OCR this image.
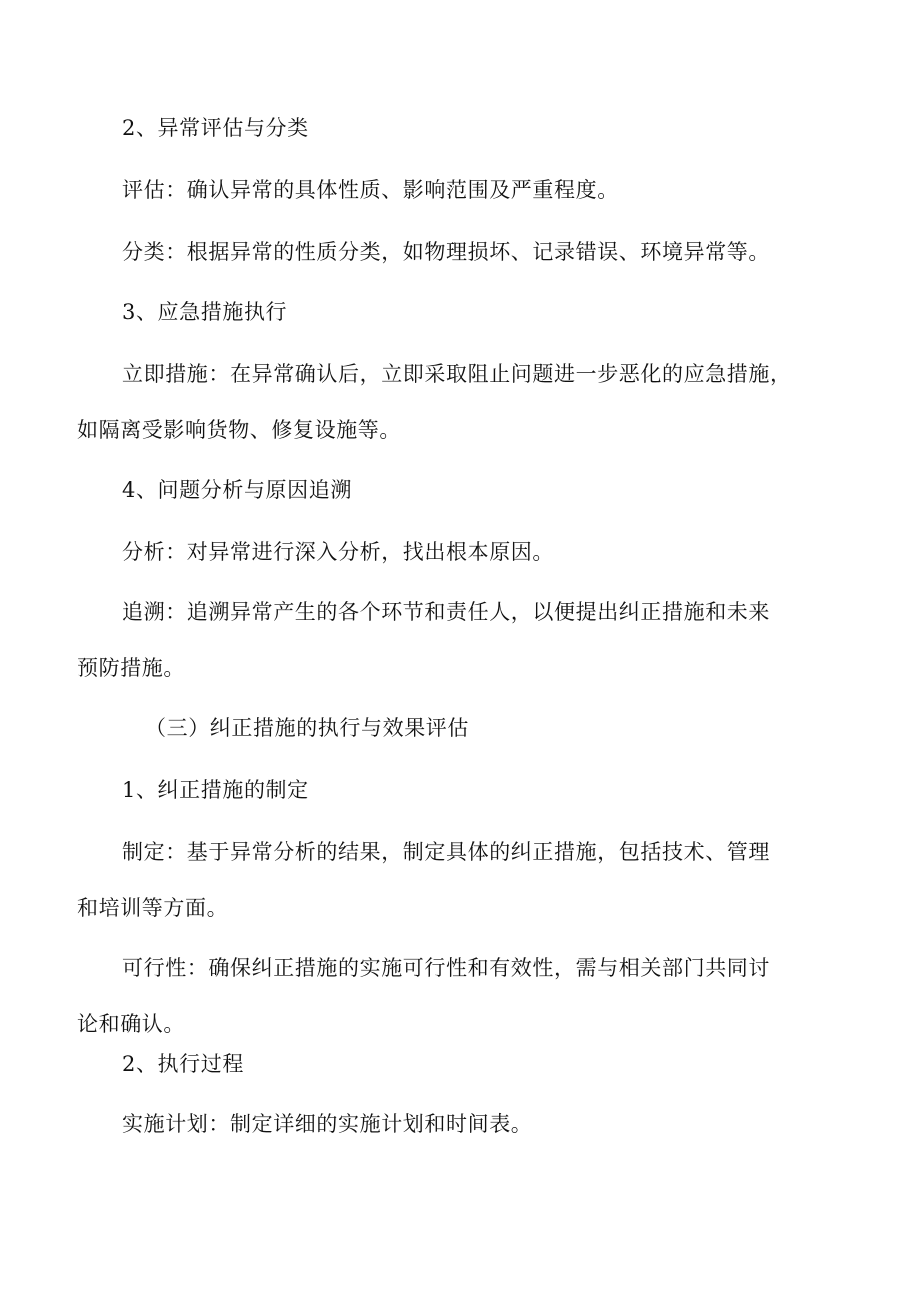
2、异常评估与分类
评估：确认异常的具体性质、影响范围及严重程度。
分类：根据异常的性质分类，如物理损坏、记录错误、环境异常等。
3、应急措施执行
立即措施：在异常确认后，立即采取阻止问题进一步恶化的应急措施，
如隔离受影响货物、修复设施等。
4、问题分析与原因追溯
分析：对异常进行深入分析，找出根本原因。
追溯：追溯异常产生的各个环节和责任人，以便提出纠正措施和未来
预防措施。
（三）纠正措施的执行与效果评估
1、纠正措施的制定
制定：基于异常分析的结果，制定具体的纠正措施，包括技术、管理
和培训等方面。
可行性：确保纠正措施的实施可行性和有效性，需与相关部门共同讨
论和确认。
2、执行过程
实施计划：制定详细的实施计划和时间表。
